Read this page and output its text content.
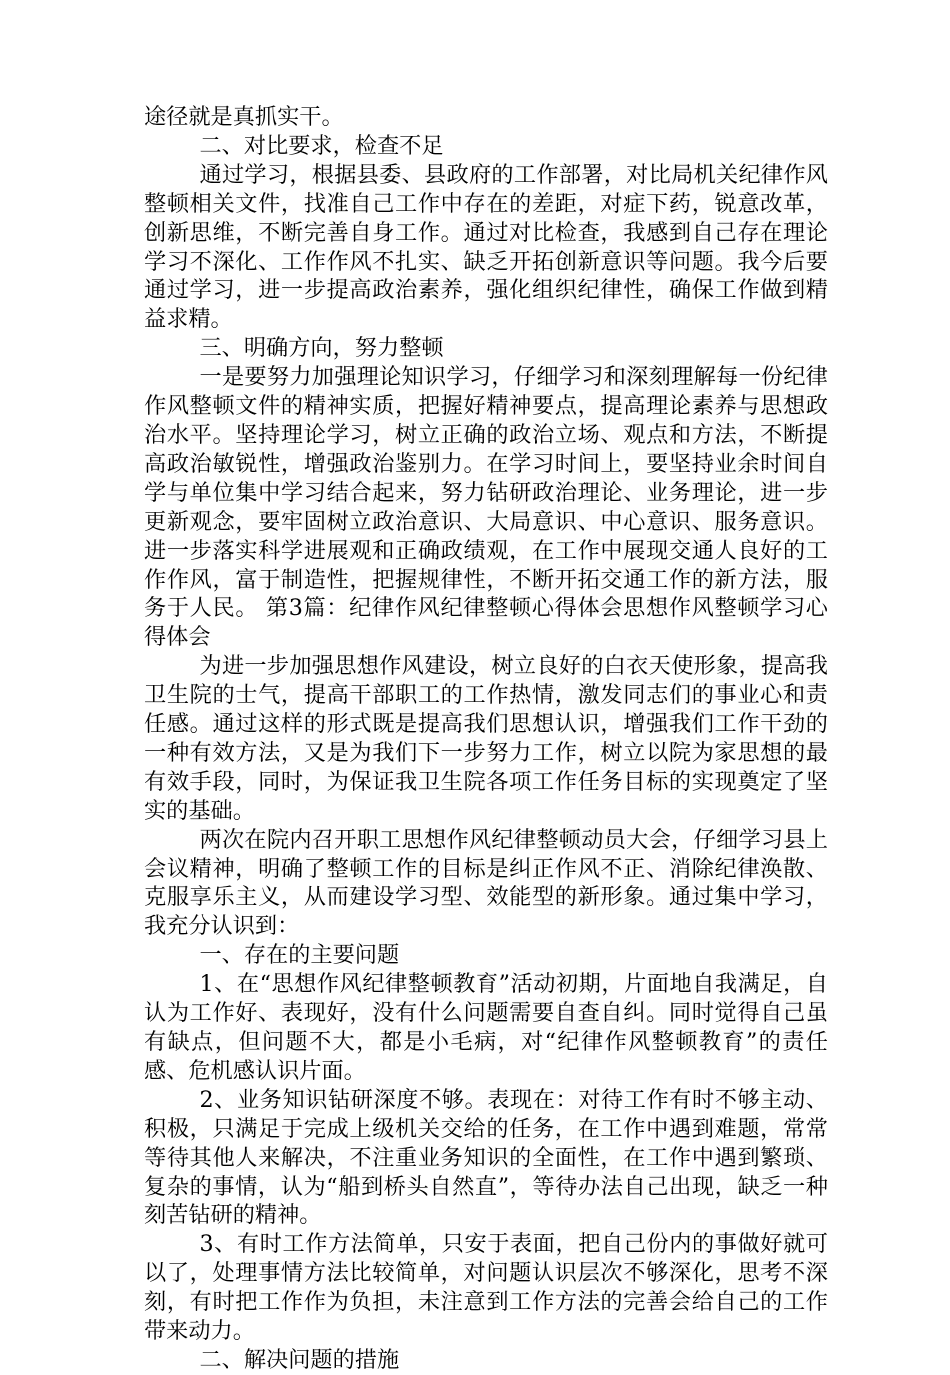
途径就是真抓实干。

二、对比要求，检查不足

通过学习，根据县委、县政府的工作部署，对比局机关纪律作风整顿相关文件，找准自己工作中存在的差距，对症下药，锐意改革，创新思维，不断完善自身工作。通过对比检查，我感到自己存在理论学习不深化、工作作风不扎实、缺乏开拓创新意识等问题。我今后要通过学习，进一步提高政治素养，强化组织纪律性，确保工作做到精益求精。

三、明确方向，努力整顿

一是要努力加强理论知识学习，仔细学习和深刻理解每一份纪律作风整顿文件的精神实质，把握好精神要点，提高理论素养与思想政治水平。坚持理论学习，树立正确的政治立场、观点和方法，不断提高政治敏锐性，增强政治鉴别力。在学习时间上，要坚持业余时间自学与单位集中学习结合起来，努力钻研政治理论、业务理论，进一步更新观念，要牢固树立政治意识、大局意识、中心意识、服务意识。进一步落实科学进展观和正确政绩观，在工作中展现交通人良好的工作作风，富于制造性，把握规律性，不断开拓交通工作的新方法，服务于人民。 第3篇：纪律作风纪律整顿心得体会思想作风整顿学习心得体会

为进一步加强思想作风建设，树立良好的白衣天使形象，提高我卫生院的士气，提高干部职工的工作热情，激发同志们的事业心和责任感。通过这样的形式既是提高我们思想认识，增强我们工作干劲的一种有效方法，又是为我们下一步努力工作，树立以院为家思想的最有效手段，同时，为保证我卫生院各项工作任务目标的实现奠定了坚实的基础。

两次在院内召开职工思想作风纪律整顿动员大会，仔细学习县上会议精神，明确了整顿工作的目标是纠正作风不正、消除纪律涣散、克服享乐主义，从而建设学习型、效能型的新形象。通过集中学习，我充分认识到：

一、存在的主要问题

1、在“思想作风纪律整顿教育”活动初期，片面地自我满足，自认为工作好、表现好，没有什么问题需要自查自纠。同时觉得自己虽有缺点，但问题不大，都是小毛病，对“纪律作风整顿教育”的责任感、危机感认识片面。

2、业务知识钻研深度不够。表现在：对待工作有时不够主动、积极，只满足于完成上级机关交给的任务，在工作中遇到难题，常常等待其他人来解决，不注重业务知识的全面性，在工作中遇到繁琐、复杂的事情，认为“船到桥头自然直”，等待办法自己出现，缺乏一种刻苦钻研的精神。

3、有时工作方法简单，只安于表面，把自己份内的事做好就可以了，处理事情方法比较简单，对问题认识层次不够深化，思考不深刻，有时把工作作为负担，未注意到工作方法的完善会给自己的工作带来动力。

二、解决问题的措施
